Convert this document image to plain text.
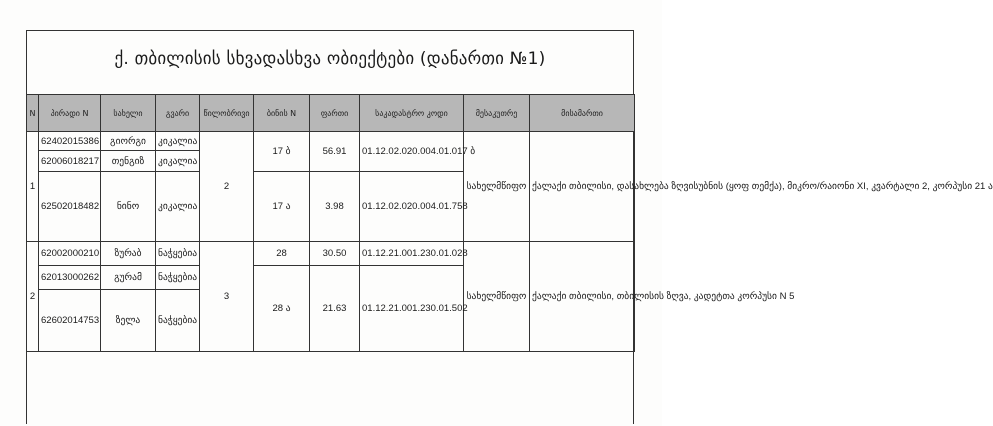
ქ. თბილისის სხვადასხვა ობიექტები (დანართი №1)
N	პირადი N	სახელი	გვარი	წილობრივი	ბინის N	ფართი	საკადასტრო კოდი	მესაკუთრე	მისამართი
1	62402015386	გიორგი	კიკალია	2	17 ბ	56.91	01.12.02.020.004.01.017 ბ	სახელმწიფო	ქალაქი თბილისი, დასახლება ზღვისუბნის (ყოფ თემქა), მიკრო/რაიონი XI, კვარტალი 2, კორპუსი 21 ა
	62006018217	თენგიზ	კიკალია						
	62502018482	ნინო	კიკალია		17 ა	3.98	01.12.02.020.004.01.758		
2	62002000210	ზურაბ	ნაჭყებია	3	28	30.50	01.12.21.001.230.01.028	სახელმწიფო	ქალაქი თბილისი, თბილისის ზღვა, კადეტთა კორპუსი N 5
	62013000262	გურამ	ნაჭყებია		28 ა	21.63	01.12.21.001.230.01.502		
	62602014753	ზელა	ნაჭყებია						
